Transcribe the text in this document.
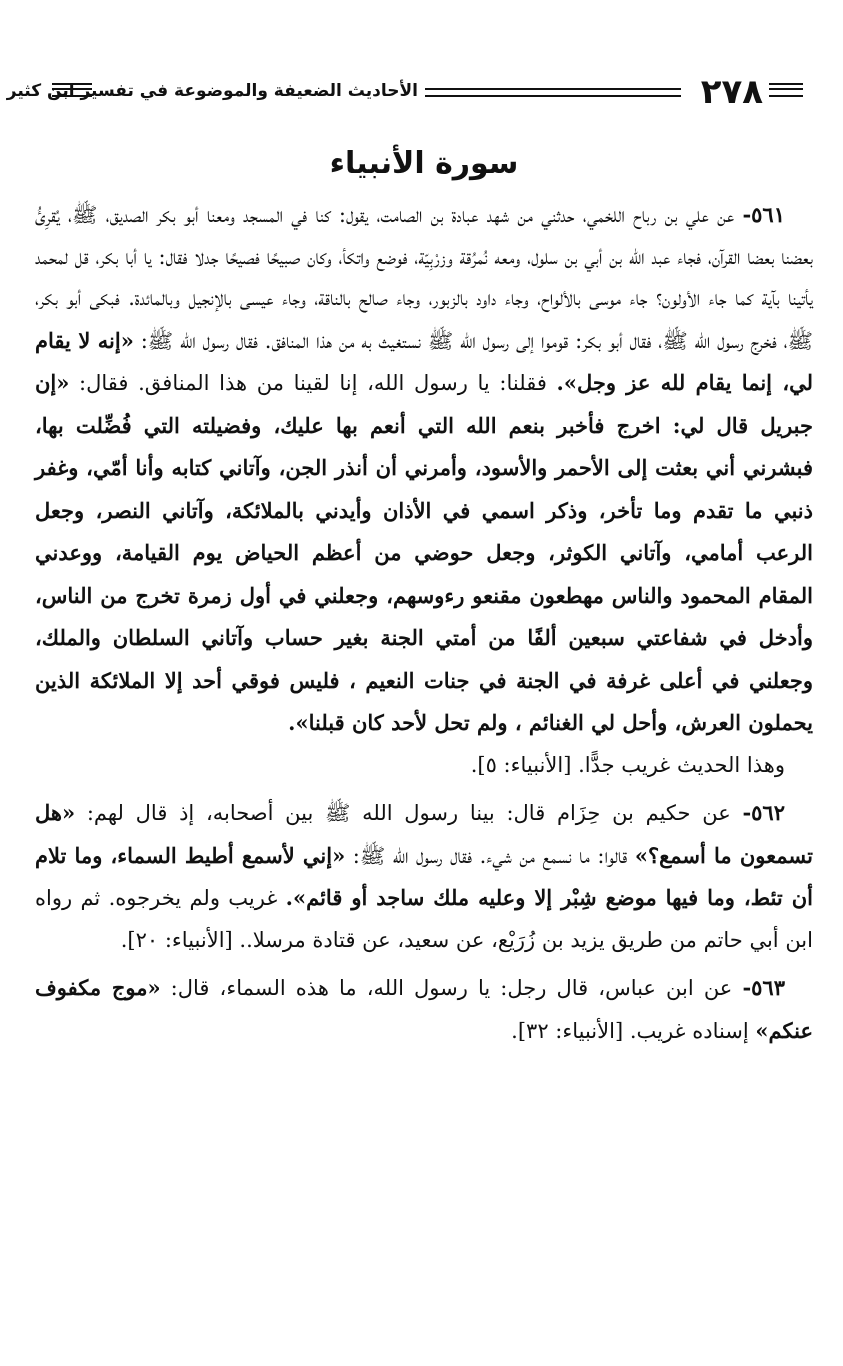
٢٧٨
الأحاديث الضعيفة والموضوعة في تفسير ابن كثير
سورة الأنبياء

٥٦١- عن علي بن رباح اللخمي، حدثني من شهد عبادة بن الصامت، يقول: كنا في المسجد ومعنا أبو بكر الصديق، ﷺ، يُقرِئُ بعضنا بعضا القرآن، فجاء عبد الله بن أبي بن سلول، ومعه نُمرُقة وزرْبِيّة، فوضع واتكأ، وكان صبيحًا فصيحًا جدلا فقال: يا أبا بكر، قل لمحمد يأتينا بآية كما جاء الأولون؟ جاء موسى بالألواح، وجاء داود بالزبور، وجاء صالح بالناقة، وجاء عيسى بالإنجيل وبالمائدة. فبكى أبو بكر، ﷺ، فخرج رسول الله ﷺ، فقال أبو بكر: قوموا إلى رسول الله ﷺ نستغيث به من هذا المنافق. فقال رسول الله ﷺ: «إنه لا يقام لي، إنما يقام لله عز وجل». فقلنا: يا رسول الله، إنا لقينا من هذا المنافق. فقال: «إن جبريل قال لي: اخرج فأخبر بنعم الله التي أنعم بها عليك، وفضيلته التي فُضِّلت بها، فبشرني أني بعثت إلى الأحمر والأسود، وأمرني أن أنذر الجن، وآتاني كتابه وأنا أمّي، وغفر ذنبي ما تقدم وما تأخر، وذكر اسمي في الأذان وأيدني بالملائكة، وآتاني النصر، وجعل الرعب أمامي، وآتاني الكوثر، وجعل حوضي من أعظم الحياض يوم القيامة، ووعدني المقام المحمود والناس مهطعون مقنعو رءوسهم، وجعلني في أول زمرة تخرج من الناس، وأدخل في شفاعتي سبعين ألفًا من أمتي الجنة بغير حساب وآتاني السلطان والملك، وجعلني في أعلى غرفة في الجنة في جنات النعيم ، فليس فوقي أحد إلا الملائكة الذين يحملون العرش، وأحل لي الغنائم ، ولم تحل لأحد كان قبلنا».

وهذا الحديث غريب جدًّا. [الأنبياء: ٥].

٥٦٢- عن حكيم بن حِزَام قال: بينا رسول الله ﷺ بين أصحابه، إذ قال لهم: «هل تسمعون ما أسمع؟» قالوا: ما نسمع من شيء. فقال رسول الله ﷺ: «إني لأسمع أطيط السماء، وما تلام أن تئط، وما فيها موضع شِبْر إلا وعليه ملك ساجد أو قائم». غريب ولم يخرجوه. ثم رواه ابن أبي حاتم من طريق يزيد بن زُرَيْع، عن سعيد، عن قتادة مرسلا.. [الأنبياء: ٢٠].

٥٦٣- عن ابن عباس، قال رجل: يا رسول الله، ما هذه السماء، قال: «موج مكفوف عنكم» إسناده غريب. [الأنبياء: ٣٢].
